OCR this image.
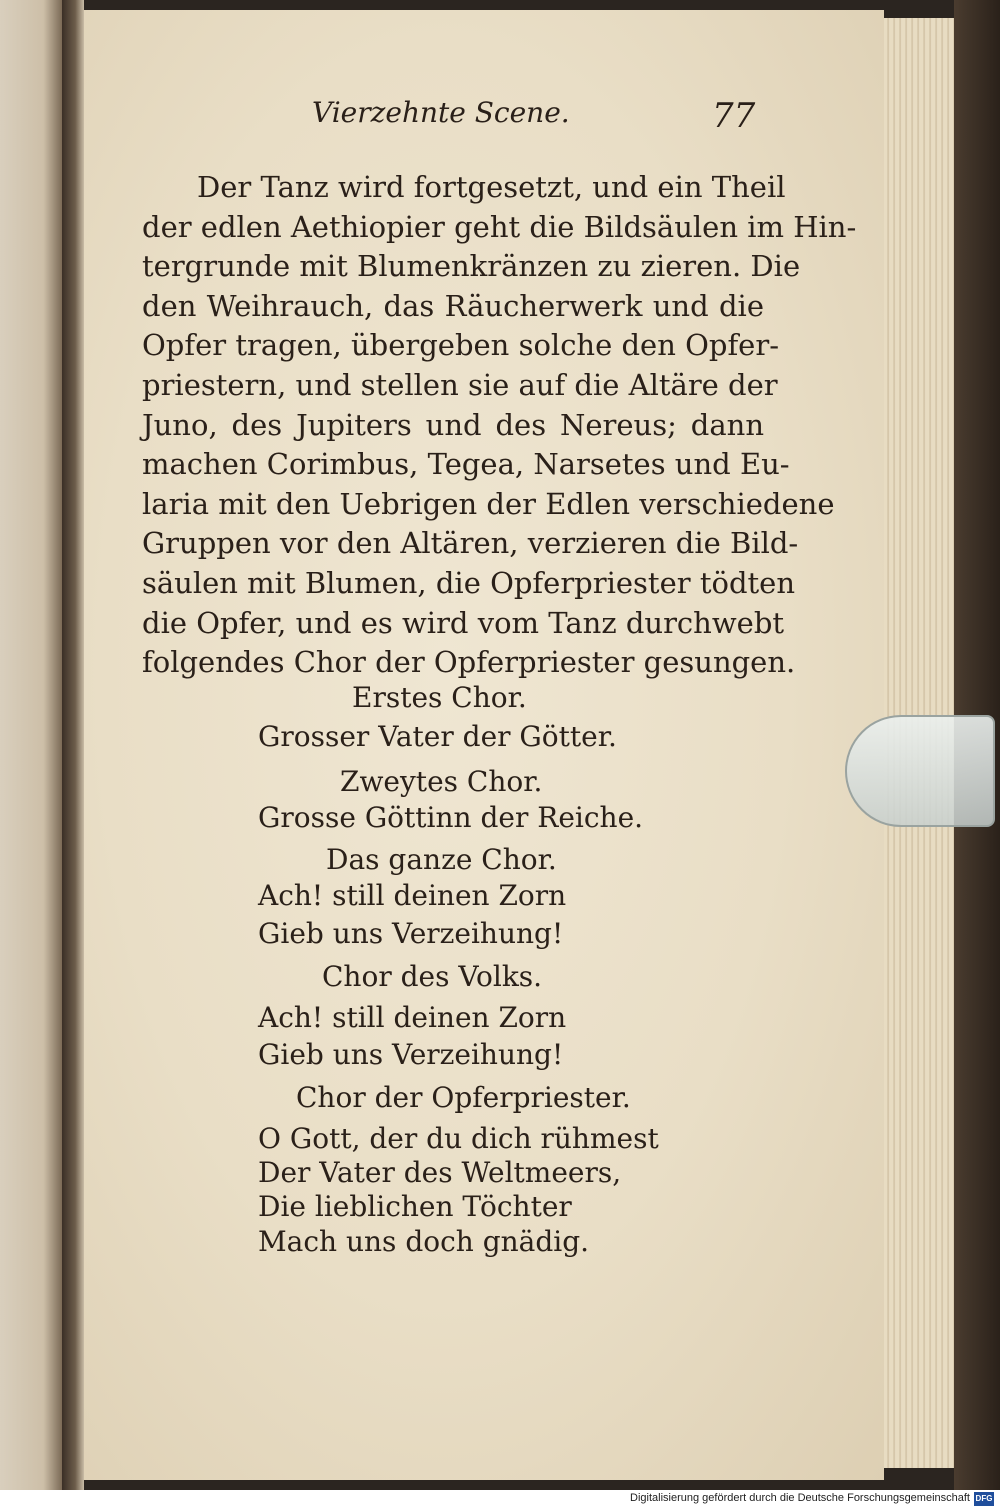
Vierzehnte Scene.	77
Der Tanz wird fortgesetzt, und ein Theil
der edlen Aethiopier geht die Bildsäulen im Hin-
tergrunde mit Blumenkränzen zu zieren. Die
den Weihrauch, das Räucherwerk und die
Opfer tragen, übergeben solche den Opfer-
priestern, und stellen sie auf die Altäre der
Juno, des Jupiters und des Nereus; dann
machen Corimbus, Tegea, Narsetes und Eu-
laria mit den Uebrigen der Edlen verschiedene
Gruppen vor den Altären, verzieren die Bild-
säulen mit Blumen, die Opferpriester tödten
die Opfer, und es wird vom Tanz durchwebt
folgendes Chor der Opferpriester gesungen.
Erstes Chor.
Grosser Vater der Götter.
Zweytes Chor.
Grosse Göttinn der Reiche.
Das ganze Chor.
Ach! still deinen Zorn
Gieb uns Verzeihung!
Chor des Volks.
Ach! still deinen Zorn
Gieb uns Verzeihung!
Chor der Opferpriester.
O Gott, der du dich rühmest
Der Vater des Weltmeers,
Die lieblichen Töchter
Mach uns doch gnädig.
Digitalisierung gefördert durch die Deutsche Forschungsgemeinschaft DFG
